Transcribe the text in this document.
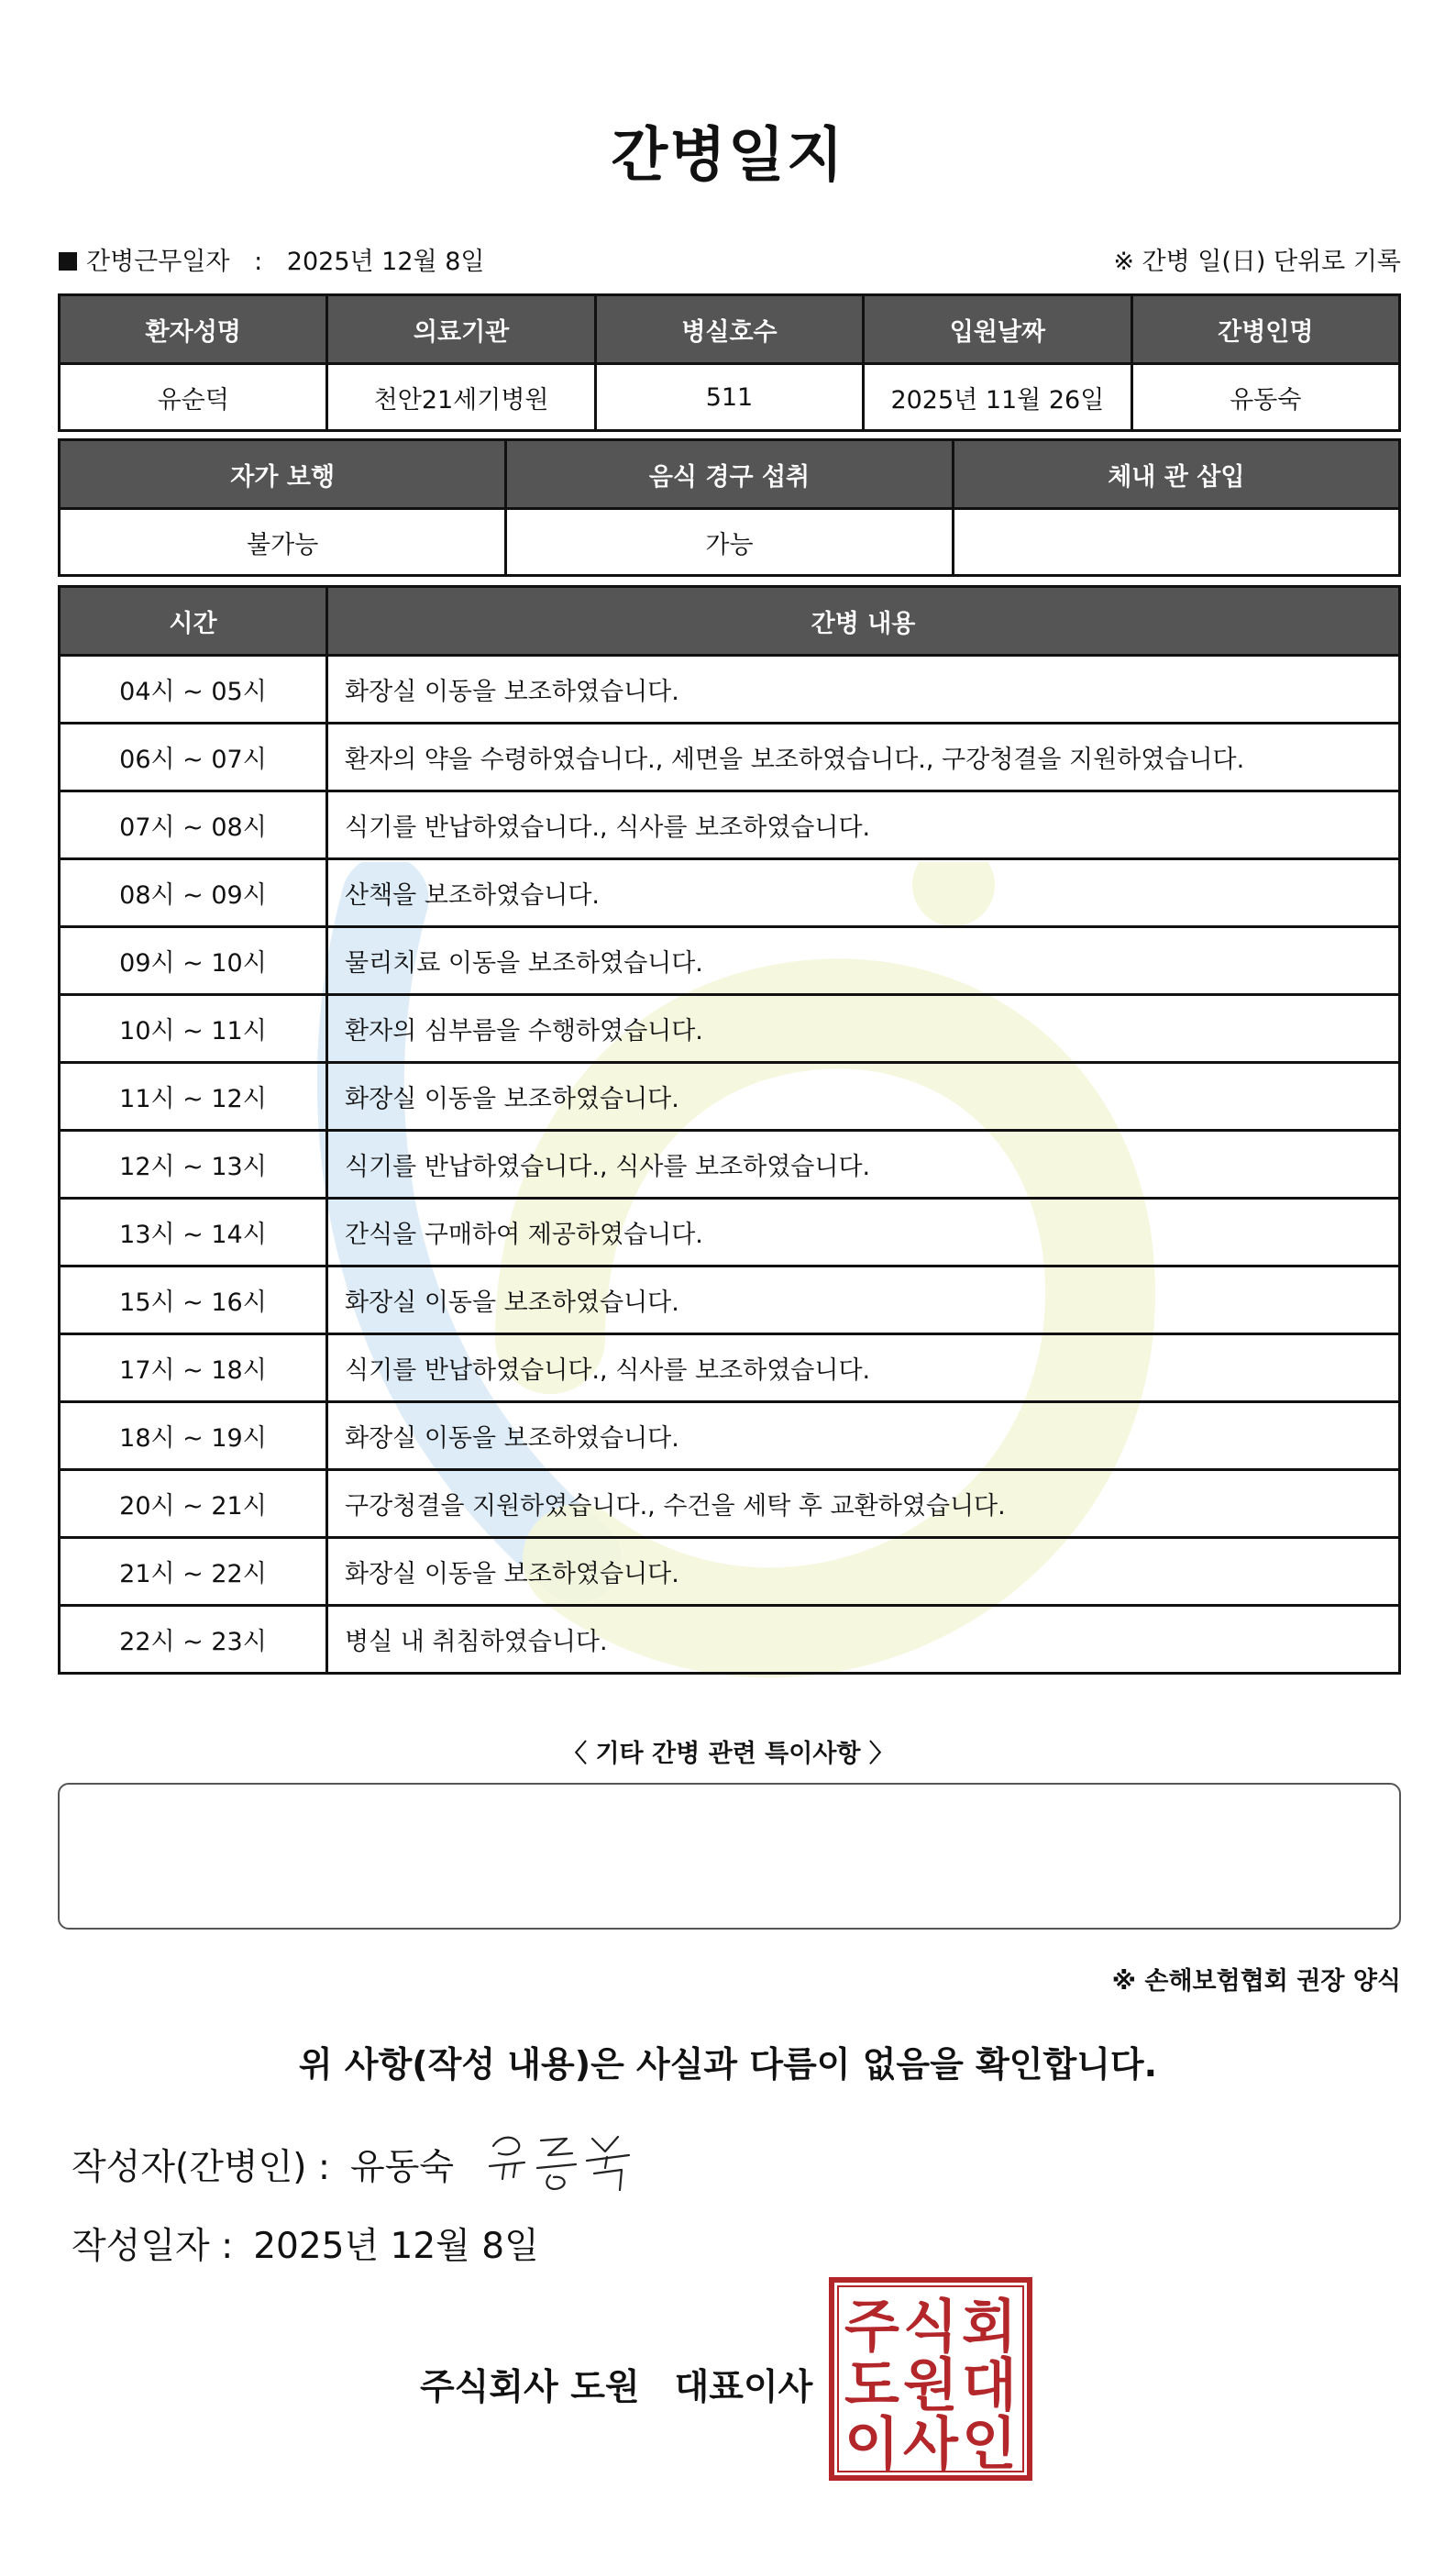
간병일지
간병근무일자 : 2025년 12월 8일	※ 간병 일(日) 단위로 기록
환자성명	의료기관	병실호수	입원날짜	간병인명
유순덕	천안21세기병원	511	2025년 11월 26일	유동숙
자가 보행	음식 경구 섭취	체내 관 삽입
불가능	가능	
시간	간병 내용
04시 ~ 05시	화장실 이동을 보조하였습니다.
06시 ~ 07시	환자의 약을 수령하였습니다., 세면을 보조하였습니다., 구강청결을 지원하였습니다.
07시 ~ 08시	식기를 반납하였습니다., 식사를 보조하였습니다.
08시 ~ 09시	산책을 보조하였습니다.
09시 ~ 10시	물리치료 이동을 보조하였습니다.
10시 ~ 11시	환자의 심부름을 수행하였습니다.
11시 ~ 12시	화장실 이동을 보조하였습니다.
12시 ~ 13시	식기를 반납하였습니다., 식사를 보조하였습니다.
13시 ~ 14시	간식을 구매하여 제공하였습니다.
15시 ~ 16시	화장실 이동을 보조하였습니다.
17시 ~ 18시	식기를 반납하였습니다., 식사를 보조하였습니다.
18시 ~ 19시	화장실 이동을 보조하였습니다.
20시 ~ 21시	구강청결을 지원하였습니다., 수건을 세탁 후 교환하였습니다.
21시 ~ 22시	화장실 이동을 보조하였습니다.
22시 ~ 23시	병실 내 취침하였습니다.
〈 기타 간병 관련 특이사항 〉
※ 손해보험협회 권장 양식
위 사항(작성 내용)은 사실과 다름이 없음을 확인합니다.
작성자(간병인) : 유동숙
작성일자 : 2025년 12월 8일
주식회사 도원 대표이사
주 식 회
도 원 대
이 사 인
